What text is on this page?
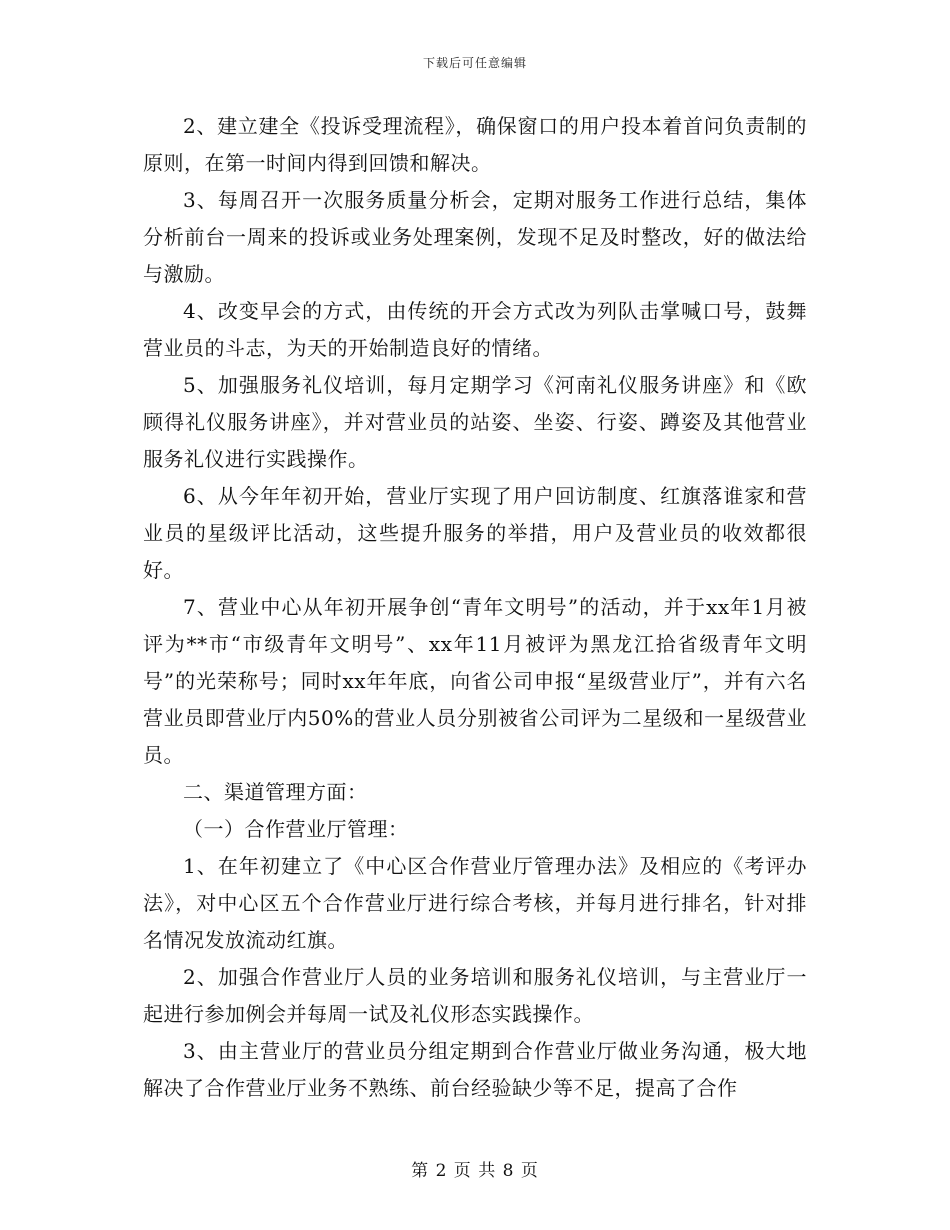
下载后可任意编辑

2、建立建全《投诉受理流程》，确保窗口的用户投本着首问负责制的原则，在第一时间内得到回馈和解决。

3、每周召开一次服务质量分析会，定期对服务工作进行总结，集体分析前台一周来的投诉或业务处理案例，发现不足及时整改，好的做法给与激励。

4、改变早会的方式，由传统的开会方式改为列队击掌喊口号，鼓舞营业员的斗志，为天的开始制造良好的情绪。

5、加强服务礼仪培训，每月定期学习《河南礼仪服务讲座》和《欧顾得礼仪服务讲座》，并对营业员的站姿、坐姿、行姿、蹲姿及其他营业服务礼仪进行实践操作。

6、从今年年初开始，营业厅实现了用户回访制度、红旗落谁家和营业员的星级评比活动，这些提升服务的举措，用户及营业员的收效都很好。

7、营业中心从年初开展争创“青年文明号”的活动，并于xx年1月被评为**市“市级青年文明号”、xx年11月被评为黑龙江拾省级青年文明号”的光荣称号；同时xx年年底，向省公司申报“星级营业厅”，并有六名营业员即营业厅内50%的营业人员分别被省公司评为二星级和一星级营业员。

二、渠道管理方面：

（一）合作营业厅管理：

1、在年初建立了《中心区合作营业厅管理办法》及相应的《考评办法》，对中心区五个合作营业厅进行综合考核，并每月进行排名，针对排名情况发放流动红旗。

2、加强合作营业厅人员的业务培训和服务礼仪培训，与主营业厅一起进行参加例会并每周一试及礼仪形态实践操作。

3、由主营业厅的营业员分组定期到合作营业厅做业务沟通，极大地解决了合作营业厅业务不熟练、前台经验缺少等不足，提高了合作

第 2 页 共 8 页
